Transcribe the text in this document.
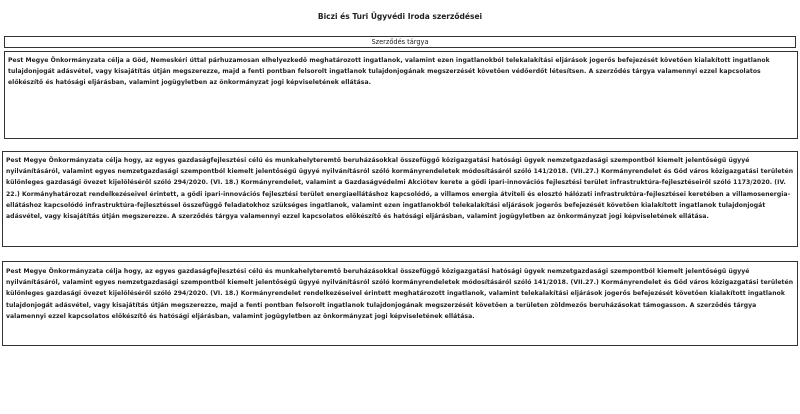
Biczi és Turi Ügyvédi Iroda szerződései
Szerződés tárgya

Pest Megye Önkormányzata célja a Göd, Nemeskéri úttal párhuzamosan elhelyezkedő meghatározott ingatlanok, valamint ezen ingatlanokból telekalakítási eljárások jogerős befejezését követően kialakított ingatlanok tulajdonjogát adásvétel, vagy kisajátítás útján megszerezze, majd a fenti pontban felsorolt ingatlanok tulajdonjogának megszerzését követően védőerdőt létesítsen. A szerződés tárgya valamennyi ezzel kapcsolatos előkészítő és hatósági eljárásban, valamint jogügyletben az önkormányzat jogi képviseletének ellátása.

Pest Megye Önkormányzata célja hogy, az egyes gazdaságfejlesztési célú és munkahelyteremtő beruházásokkal összefüggő közigazgatási hatósági ügyek nemzetgazdasági szempontból kiemelt jelentőségű ügyyé nyilvánításáról, valamint egyes nemzetgazdasági szempontból kiemelt jelentőségű ügyyé nyilvánításról szóló kormányrendeletek módosításáról szóló 141/2018. (VII.27.) Kormányrendelet és Göd város közigazgatási területén különleges gazdasági övezet kijelöléséről szóló 294/2020. (VI. 18.) Kormányrendelet, valamint a Gazdaságvédelmi Akciótev kerete a gödi ipari-innovációs fejlesztési terület infrastruktúra-fejlesztéseiről szóló 1173/2020. (IV. 22.) Kormányhatározat rendelkezéseivel érintett, a gödi ipari-innovációs fejlesztési terület energiaellátáshoz kapcsolódó, a villamos energia átviteli és elosztó hálózati infrastruktúra-fejlesztései keretében a villamosenergia-ellátáshoz kapcsolódó infrastruktúra-fejlesztéssel összefüggő feladatokhoz szükséges ingatlanok, valamint ezen ingatlanokból telekalakítási eljárások jogerős befejezését követően kialakított ingatlanok tulajdonjogát adásvétel, vagy kisajátítás útján megszerezze. A szerződés tárgya valamennyi ezzel kapcsolatos előkészítő és hatósági eljárásban, valamint jogügyletben az önkormányzat jogi képviseletének ellátása.

Pest Megye Önkormányzata célja hogy, az egyes gazdaságfejlesztési célú és munkahelyteremtő beruházásokkal összefüggő közigazgatási hatósági ügyek nemzetgazdasági szempontból kiemelt jelentőségű ügyyé nyilvánításáról, valamint egyes nemzetgazdasági szempontból kiemelt jelentőségű ügyyé nyilvánításról szóló kormányrendeletek módosításáról szóló 141/2018. (VII.27.) Kormányrendelet és Göd város közigazgatási területén különleges gazdasági övezet kijelöléséről szóló 294/2020. (VI. 18.) Kormányrendelet rendelkezéseivel érintett meghatározott ingatlanok, valamint telekalakítási eljárások jogerős befejezését követően kialakított ingatlanok tulajdonjogát adásvétel, vagy kisajátítás útján megszerezze, majd a fenti pontban felsorolt ingatlanok tulajdonjogának megszerzését követően a területen zöldmezős beruházásokat támogasson. A szerződés tárgya valamennyi ezzel kapcsolatos előkészítő és hatósági eljárásban, valamint jogügyletben az önkormányzat jogi képviseletének ellátása.
